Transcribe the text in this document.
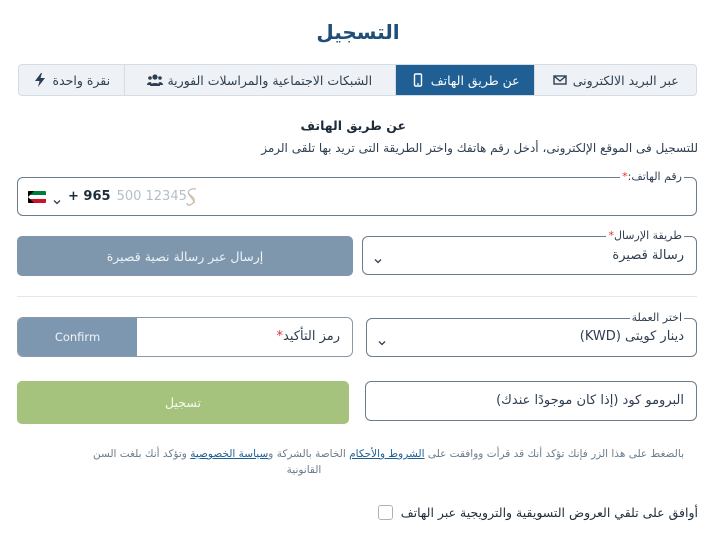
التسجيل
عبر البريد الالكترونى
عن طريق الهاتف
الشبكات الاجتماعية والمراسلات الفورية
نقرة واحدة
عن طريق الهاتف
للتسجيل فى الموقع الإلكترونى، أدخل رقم هاتفك واختر الطريقة التى تريد بها تلقى الرمز
رقم الهاتف:*
+ 965
500 12345
طريقة الإرسال*
رسالة قصيرة
إرسال عبر رسالة نصية قصيرة
اختر العملة
دينار كويتى (KWD)
Confirm	رمز التأكيد*
تسجيل	البرومو كود (إذا كان موجودًا عندك)
بالضغط على هذا الزر فإنك تؤكد أنك قد قرأت ووافقت على الشروط والأحكام الخاصة بالشركة وسياسة الخصوصية وتؤكد أنك بلغت السن
القانونية
أوافق على تلقي العروض التسويقية والترويجية عبر الهاتف
